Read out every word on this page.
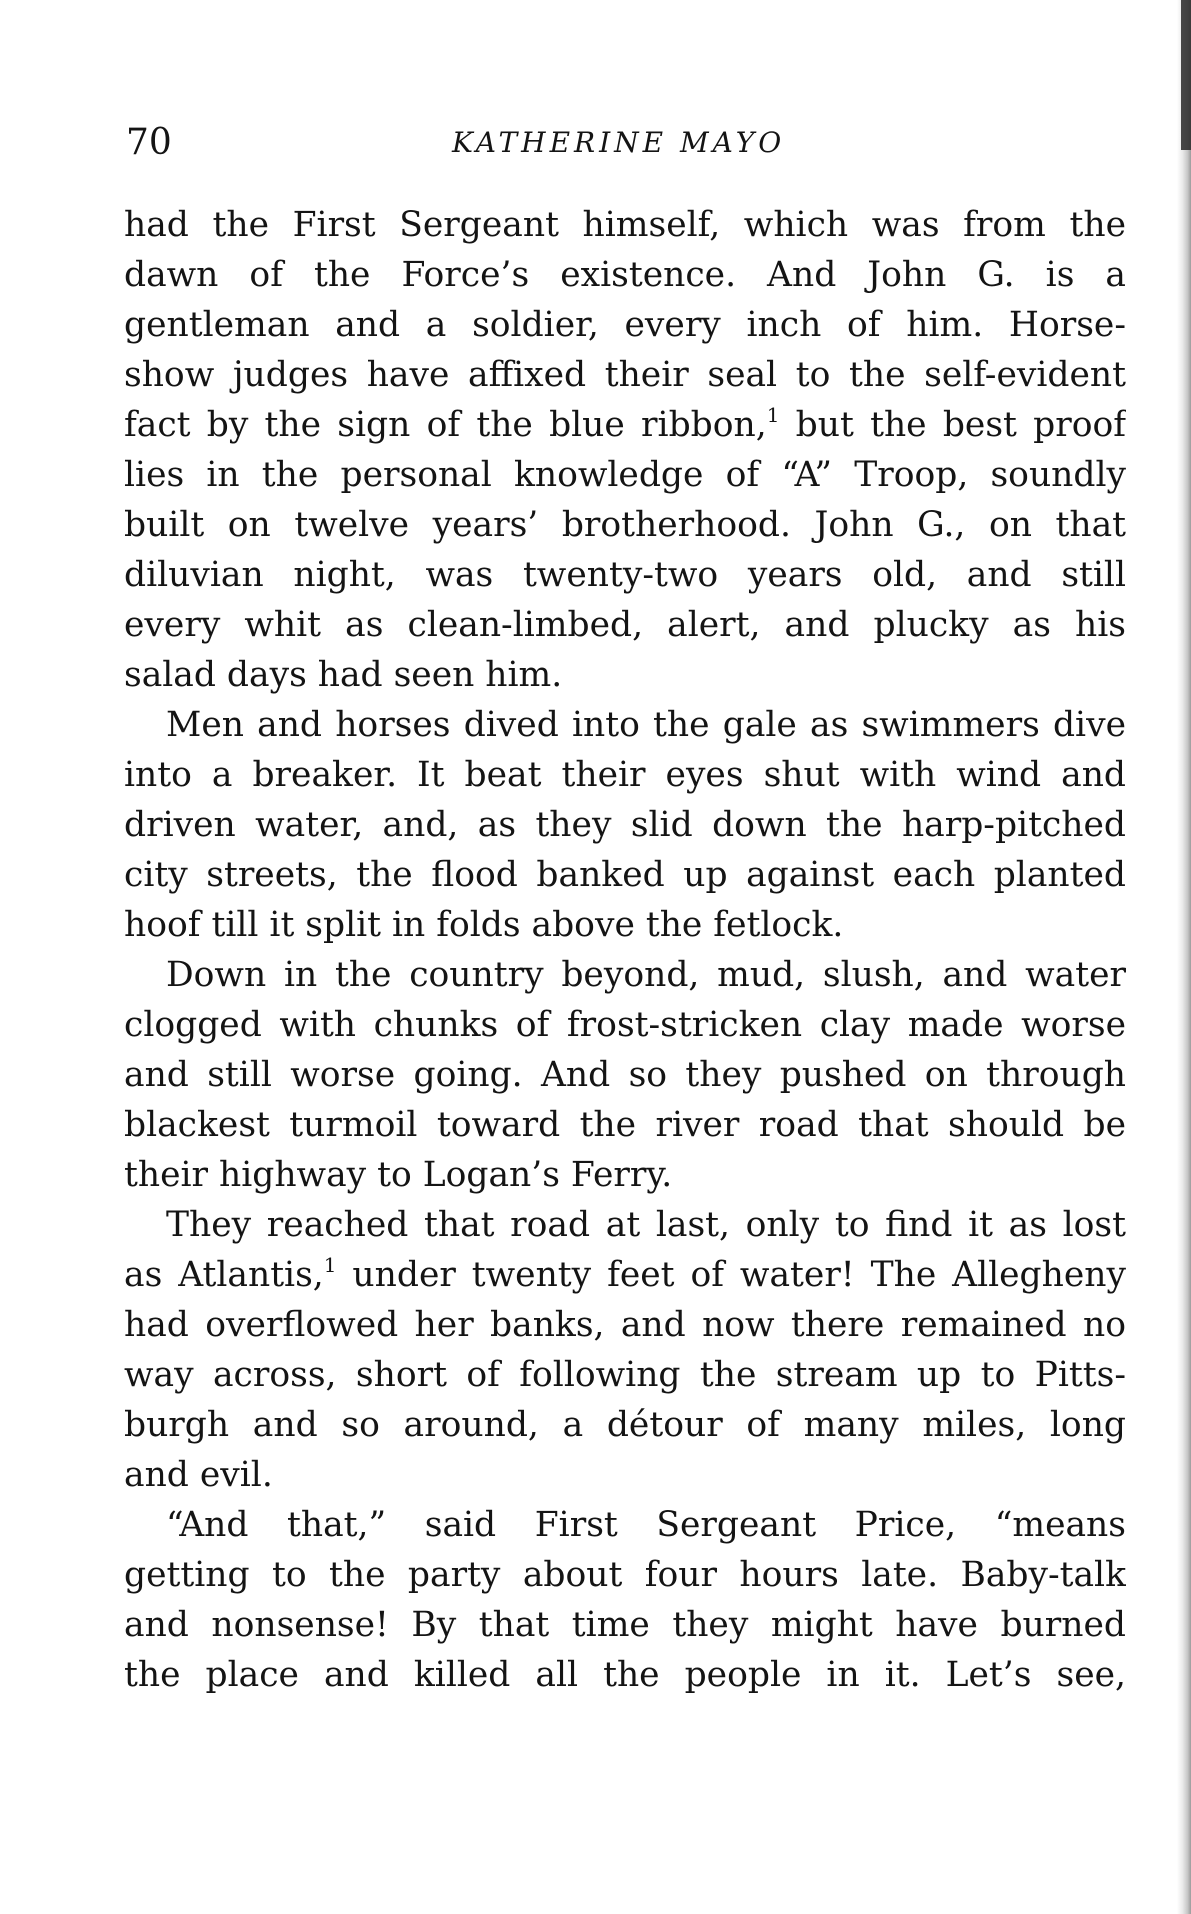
70	KATHERINE MAYO
had the First Sergeant himself, which was from the
dawn of the Force’s existence. And John G. is a
gentleman and a soldier, every inch of him. Horse-
show judges have affixed their seal to the self-evident
fact by the sign of the blue ribbon,$^1$ but the best proof
lies in the personal knowledge of “A” Troop, soundly
built on twelve years’ brotherhood. John G., on that
diluvian night, was twenty-two years old, and still
every whit as clean-limbed, alert, and plucky as his
salad days had seen him.
Men and horses dived into the gale as swimmers dive
into a breaker. It beat their eyes shut with wind and
driven water, and, as they slid down the harp-pitched
city streets, the flood banked up against each planted
hoof till it split in folds above the fetlock.
Down in the country beyond, mud, slush, and water
clogged with chunks of frost-stricken clay made worse
and still worse going. And so they pushed on through
blackest turmoil toward the river road that should be
their highway to Logan’s Ferry.
They reached that road at last, only to find it as lost
as Atlantis,$^1$ under twenty feet of water! The Allegheny
had overflowed her banks, and now there remained no
way across, short of following the stream up to Pitts-
burgh and so around, a détour of many miles, long
and evil.
“And that,” said First Sergeant Price, “means
getting to the party about four hours late. Baby-talk
and nonsense! By that time they might have burned
the place and killed all the people in it. Let’s see,
